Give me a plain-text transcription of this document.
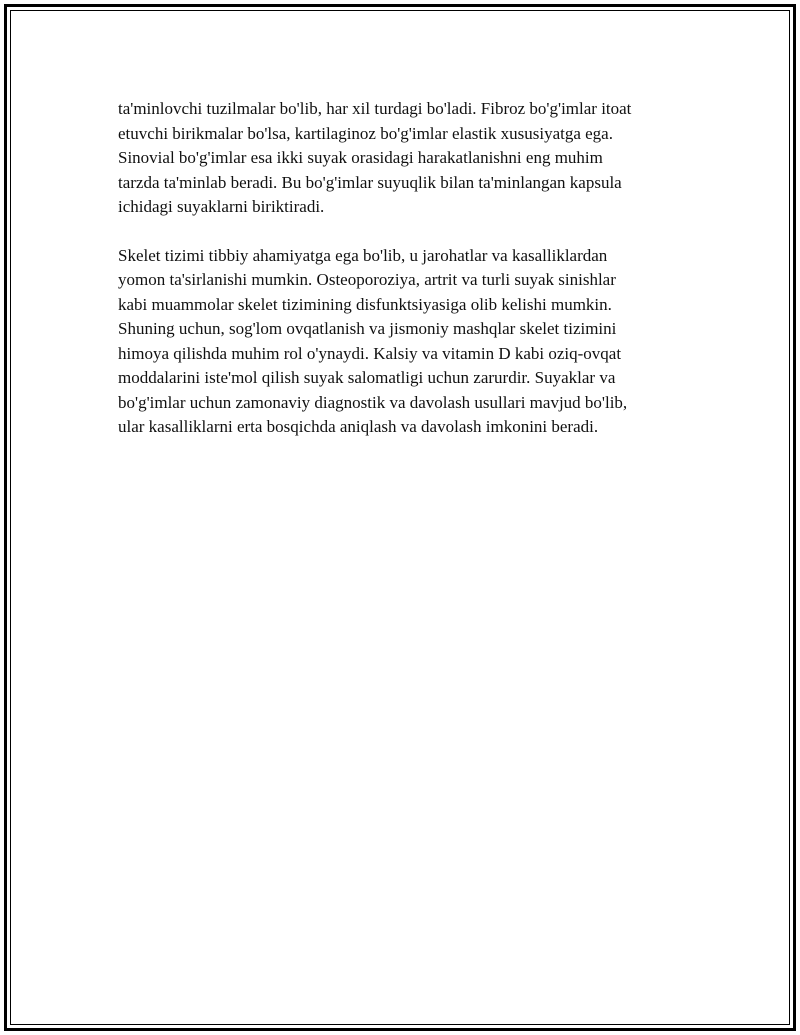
ta'minlovchi tuzilmalar bo'lib, har xil turdagi bo'ladi. Fibroz bo'g'imlar itoat
etuvchi birikmalar bo'lsa, kartilaginoz bo'g'imlar elastik xususiyatga ega.
Sinovial bo'g'imlar esa ikki suyak orasidagi harakatlanishni eng muhim
tarzda ta'minlab beradi. Bu bo'g'imlar suyuqlik bilan ta'minlangan kapsula
ichidagi suyaklarni biriktiradi.

Skelet tizimi tibbiy ahamiyatga ega bo'lib, u jarohatlar va kasalliklardan
yomon ta'sirlanishi mumkin. Osteoporoziya, artrit va turli suyak sinishlar
kabi muammolar skelet tizimining disfunktsiyasiga olib kelishi mumkin.
Shuning uchun, sog'lom ovqatlanish va jismoniy mashqlar skelet tizimini
himoya qilishda muhim rol o'ynaydi. Kalsiy va vitamin D kabi oziq-ovqat
moddalarini iste'mol qilish suyak salomatligi uchun zarurdir. Suyaklar va
bo'g'imlar uchun zamonaviy diagnostik va davolash usullari mavjud bo'lib,
ular kasalliklarni erta bosqichda aniqlash va davolash imkonini beradi.
